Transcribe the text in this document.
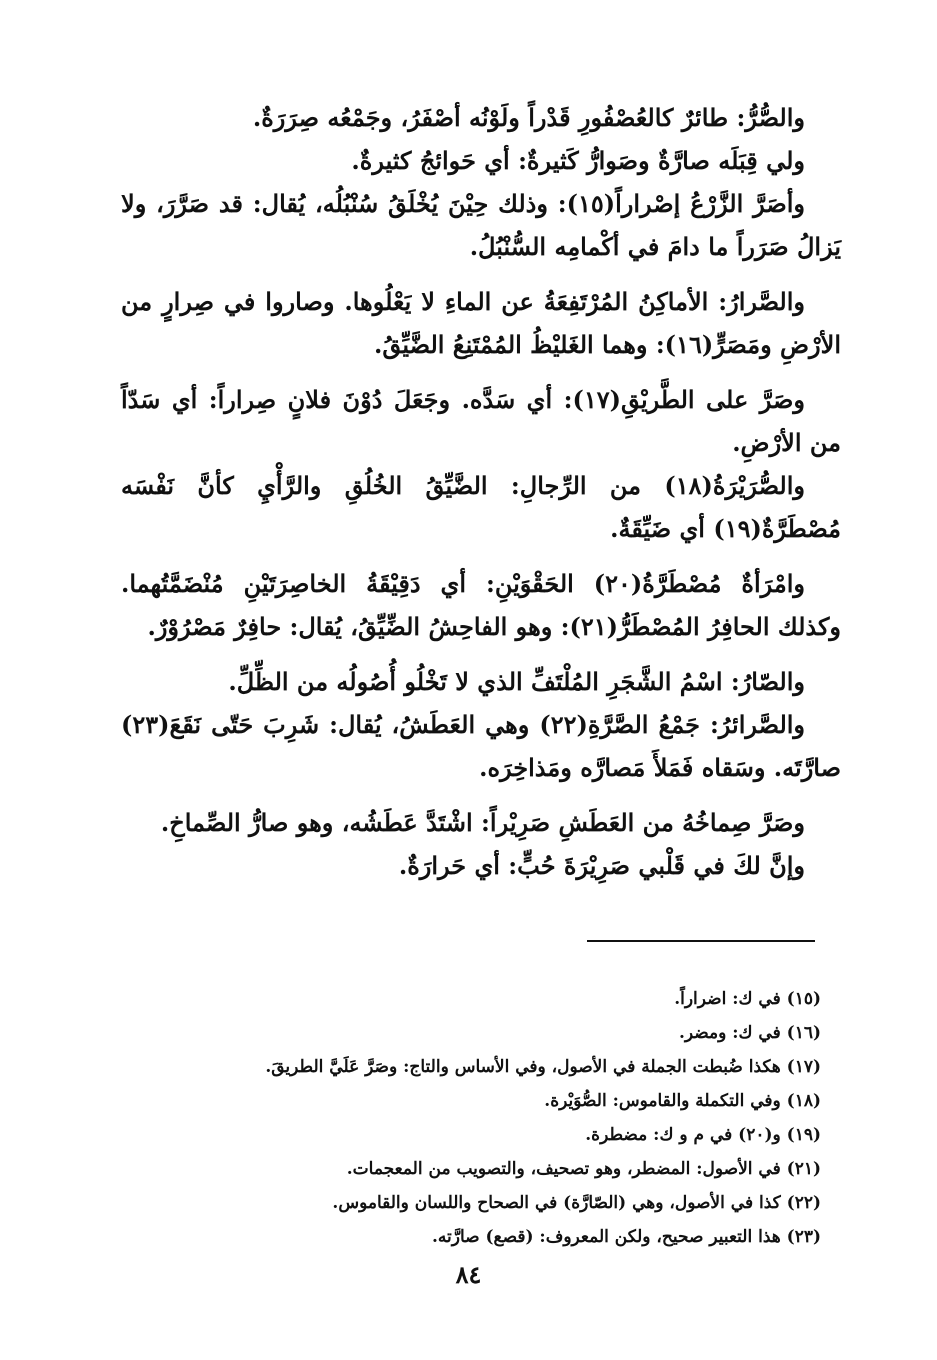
والصُّرُّ: طائرٌ كالعُصْفُورِ قَدْراً ولَوْنُه أصْفَرُ، وجَمْعُه صِرَرَةٌ.

ولي قِبَلَه صارَّةٌ وصَوارُّ كَثيرةٌ: أي حَوائجُ كثيرةٌ.

وأصَرَّ الزَّرْعُ إصْراراً(١٥): وذلك حِيْنَ يُخْلَقُ سُنْبُلُه، يُقال: قد صَرَّرَ، ولا يَزالُ صَرَراً ما دامَ في أكْمامِه السُّنْبُلُ.

والصَّرارُ: الأماكِنُ المُرْتَفِعَةُ عن الماءِ لا يَعْلُوها. وصاروا في صِرارٍ من الأرْضِ ومَصَرٍّ(١٦): وهما الغَليْظُ المُمْتَنِعُ الضَّيِّقُ.

وصَرَّ على الطَّريْقِ(١٧): أي سَدَّه. وجَعَلَ دُوْنَ فلانٍ صِراراً: أي سَدّاً من الأرْضِ.

والصُّرَيْرَةُ(١٨) من الرِّجالِ: الضَّيِّقُ الخُلُقِ والرَّأْيِ كأنَّ نَفْسَه مُصْطَرَّةٌ(١٩) أي ضَيِّقَةٌ.

وامْرَأةٌ مُصْطَرَّةُ(٢٠) الحَقْوَيْنِ: أي دَقِيْقَةُ الخاصِرَتَيْنِ مُنْضَمَّتُهما. وكذلك الحافِرُ المُصْطَرُّ(٢١): وهو الفاحِشُ الضِّيِّقُ، يُقال: حافِرٌ مَصْرُوْرٌ.

والصّارُ: اسْمُ الشَّجَرِ المُلْتَفِّ الذي لا تَخْلُو أُصُولُه من الظِّلِّ.

والصَّرائرُ: جَمْعُ الصَّرَّةِ(٢٢) وهي العَطَشُ، يُقال: شَرِبَ حَتّى نَقَعَ(٢٣) صارَّتَه. وسَقاه فَمَلأَ مَصارَّه ومَذاخِرَه.

وصَرَّ صِماخُهُ من العَطَشِ صَرِيْراً: اشْتَدَّ عَطَشُه، وهو صارُّ الصِّماخِ.

وإنَّ لكَ في قَلْبي صَرِيْرَةَ حُبٍّ: أي حَرارَةٌ.

(١٥) في ك: اضراراً.

(١٦) في ك: ومضر.

(١٧) هكذا ضُبطت الجملة في الأصول، وفي الأساس والتاج: وصَرَّ عَلَيَّ الطريقَ.

(١٨) وفي التكملة والقاموس: الصُّوَيْرة.

(١٩) و(٢٠) في م و ك: مضطرة.

(٢١) في الأصول: المضطر، وهو تصحيف، والتصويب من المعجمات.

(٢٢) كذا في الأصول، وهي (الصّارَّة) في الصحاح واللسان والقاموس.

(٢٣) هذا التعبير صحيح، ولكن المعروف: (قصع) صارَّته.

٨٤
